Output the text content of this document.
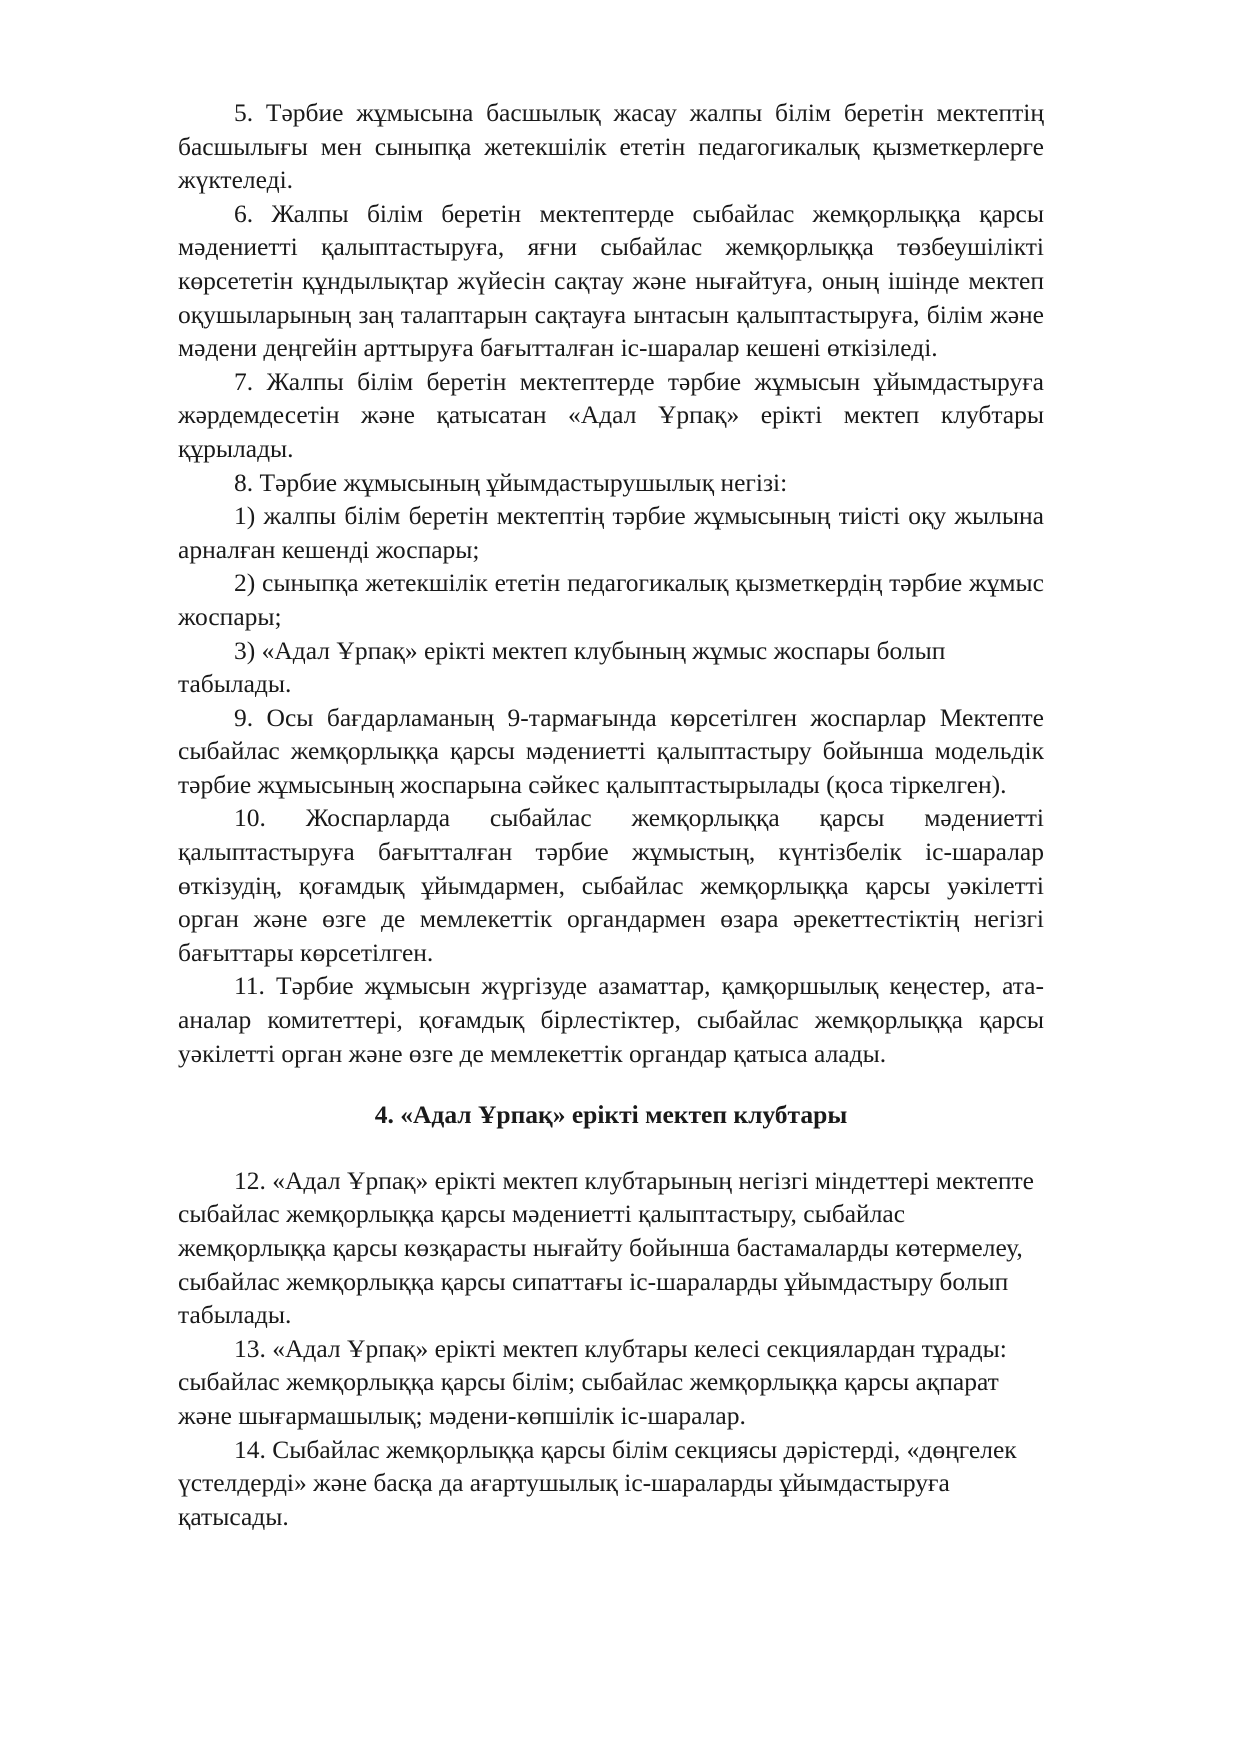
5. Тәрбие жұмысына басшылық жасау жалпы білім беретін мектептің басшылығы мен сыныпқа жетекшілік ететін педагогикалық қызметкерлерге жүктеледі.

6. Жалпы білім беретін мектептерде сыбайлас жемқорлыққа қарсы мәдениетті қалыптастыруға, яғни сыбайлас жемқорлыққа төзбеушілікті көрсететін құндылықтар жүйесін сақтау және нығайтуға, оның ішінде мектеп оқушыларының заң талаптарын сақтауға ынтасын қалыптастыруға, білім және мәдени деңгейін арттыруға бағытталған іс-шаралар кешені өткізіледі.

7. Жалпы білім беретін мектептерде тәрбие жұмысын ұйымдастыруға жәрдемдесетін және қатысатан «Адал Ұрпақ» ерікті мектеп клубтары құрылады.

8. Тәрбие жұмысының ұйымдастырушылық негізі:

1) жалпы білім беретін мектептің тәрбие жұмысының тиісті оқу жылына арналған кешенді жоспары;

2) сыныпқа жетекшілік ететін педагогикалық қызметкердің тәрбие жұмыс жоспары;

3) «Адал Ұрпақ» ерікті мектеп клубының жұмыс жоспары болып табылады.

9. Осы бағдарламаның 9-тармағында көрсетілген жоспарлар Мектепте сыбайлас жемқорлыққа қарсы мәдениетті қалыптастыру бойынша модельдік тәрбие жұмысының жоспарына сәйкес қалыптастырылады (қоса тіркелген).

10. Жоспарларда сыбайлас жемқорлыққа қарсы мәдениетті қалыптастыруға бағытталған тәрбие жұмыстың, күнтізбелік іс-шаралар өткізудің, қоғамдық ұйымдармен, сыбайлас жемқорлыққа қарсы уәкілетті орган және өзге де мемлекеттік органдармен өзара әрекеттестіктің негізгі бағыттары көрсетілген.

11. Тәрбие жұмысын жүргізуде азаматтар, қамқоршылық кеңестер, ата- аналар комитеттері, қоғамдық бірлестіктер, сыбайлас жемқорлыққа қарсы уәкілетті орган және өзге де мемлекеттік органдар қатыса алады.

4. «Адал Ұрпақ» ерікті мектеп клубтары

12. «Адал Ұрпақ» ерікті мектеп клубтарының негізгі міндеттері мектепте сыбайлас жемқорлыққа қарсы мәдениетті қалыптастыру, сыбайлас жемқорлыққа қарсы көзқарасты нығайту бойынша бастамаларды көтермелеу, сыбайлас жемқорлыққа қарсы сипаттағы іс-шараларды ұйымдастыру болып табылады.

13. «Адал Ұрпақ» ерікті мектеп клубтары келесі секциялардан тұрады: сыбайлас жемқорлыққа қарсы білім; сыбайлас жемқорлыққа қарсы ақпарат және шығармашылық; мәдени-көпшілік іс-шаралар.

14. Сыбайлас жемқорлыққа қарсы білім секциясы дәрістерді, «дөңгелек үстелдерді» және басқа да ағартушылық іс-шараларды ұйымдастыруға қатысады.
